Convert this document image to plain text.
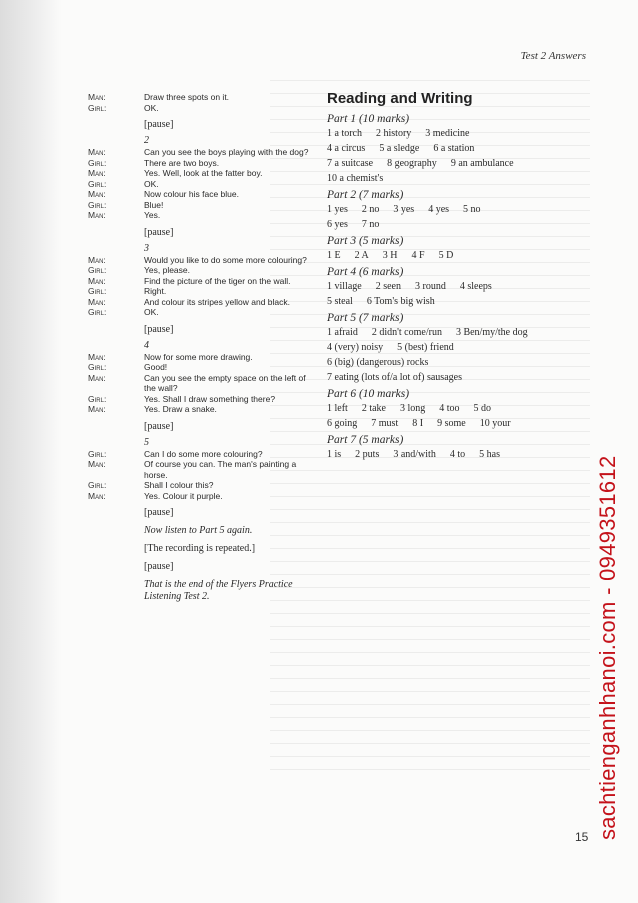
Test 2 Answers
Man:	Draw three spots on it.
Girl:	OK.
[pause]
2
Man:	Can you see the boys playing with the dog?
Girl:	There are two boys.
Man:	Yes. Well, look at the fatter boy.
Girl:	OK.
Man:	Now colour his face blue.
Girl:	Blue!
Man:	Yes.
[pause]
3
Man:	Would you like to do some more colouring?
Girl:	Yes, please.
Man:	Find the picture of the tiger on the wall.
Girl:	Right.
Man:	And colour its stripes yellow and black.
Girl:	OK.
[pause]
4
Man:	Now for some more drawing.
Girl:	Good!
Man:	Can you see the empty space on the left of the wall?
Girl:	Yes. Shall I draw something there?
Man:	Yes. Draw a snake.
[pause]
5
Girl:	Can I do some more colouring?
Man:	Of course you can. The man's painting a horse.
Girl:	Shall I colour this?
Man:	Yes. Colour it purple.
[pause]
Now listen to Part 5 again.
[The recording is repeated.]
[pause]
That is the end of the Flyers Practice Listening Test 2.
Reading and Writing
Part 1 (10 marks)
1 a torch 2 history 3 medicine
4 a circus 5 a sledge 6 a station
7 a suitcase 8 geography 9 an ambulance
10 a chemist's
Part 2 (7 marks)
1 yes 2 no 3 yes 4 yes 5 no
6 yes 7 no
Part 3 (5 marks)
1 E 2 A 3 H 4 F 5 D
Part 4 (6 marks)
1 village 2 seen 3 round 4 sleeps
5 steal 6 Tom's big wish
Part 5 (7 marks)
1 afraid 2 didn't come/run 3 Ben/my/the dog
4 (very) noisy 5 (best) friend
6 (big) (dangerous) rocks
7 eating (lots of/a lot of) sausages
Part 6 (10 marks)
1 left 2 take 3 long 4 too 5 do
6 going 7 must 8 I 9 some 10 your
Part 7 (5 marks)
1 is 2 puts 3 and/with 4 to 5 has
sachtienganhhanoi.com - 0949351612
15
